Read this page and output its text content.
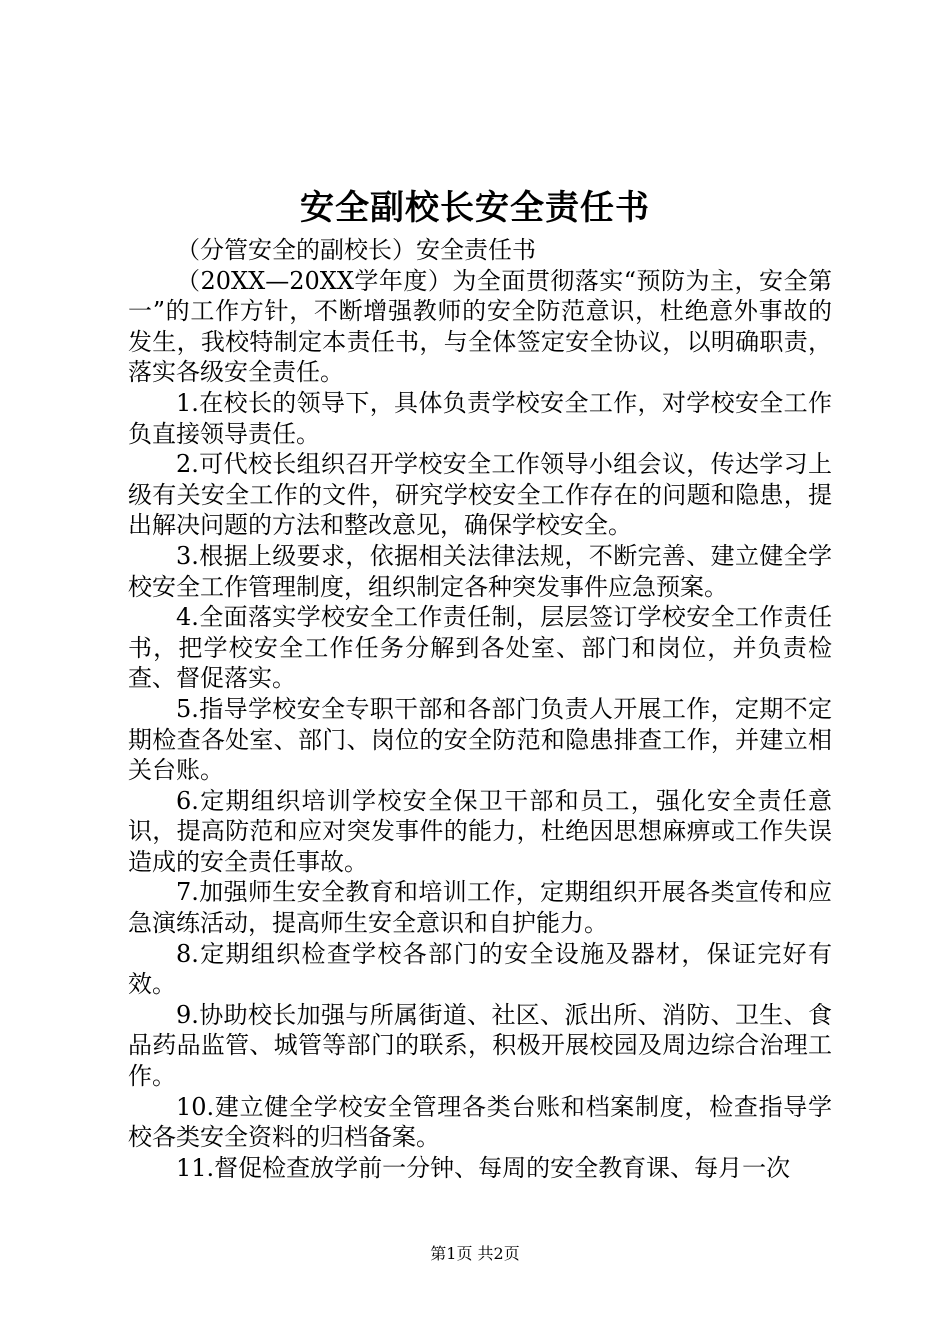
安全副校长安全责任书

（分管安全的副校长）安全责任书

（20XX—20XX学年度）为全面贯彻落实“预防为主，安全第一”的工作方针，不断增强教师的安全防范意识，杜绝意外事故的发生，我校特制定本责任书，与全体签定安全协议，以明确职责，落实各级安全责任。

1.在校长的领导下，具体负责学校安全工作，对学校安全工作负直接领导责任。

2.可代校长组织召开学校安全工作领导小组会议，传达学习上级有关安全工作的文件，研究学校安全工作存在的问题和隐患，提出解决问题的方法和整改意见，确保学校安全。

3.根据上级要求，依据相关法律法规，不断完善、建立健全学校安全工作管理制度，组织制定各种突发事件应急预案。

4.全面落实学校安全工作责任制，层层签订学校安全工作责任书，把学校安全工作任务分解到各处室、部门和岗位，并负责检查、督促落实。

5.指导学校安全专职干部和各部门负责人开展工作，定期不定期检查各处室、部门、岗位的安全防范和隐患排查工作，并建立相关台账。

6.定期组织培训学校安全保卫干部和员工，强化安全责任意识，提高防范和应对突发事件的能力，杜绝因思想麻痹或工作失误造成的安全责任事故。

7.加强师生安全教育和培训工作，定期组织开展各类宣传和应急演练活动，提高师生安全意识和自护能力。

8.定期组织检查学校各部门的安全设施及器材，保证完好有效。

9.协助校长加强与所属街道、社区、派出所、消防、卫生、食品药品监管、城管等部门的联系，积极开展校园及周边综合治理工作。

10.建立健全学校安全管理各类台账和档案制度，检查指导学校各类安全资料的归档备案。

11.督促检查放学前一分钟、每周的安全教育课、每月一次

第1页 共2页
